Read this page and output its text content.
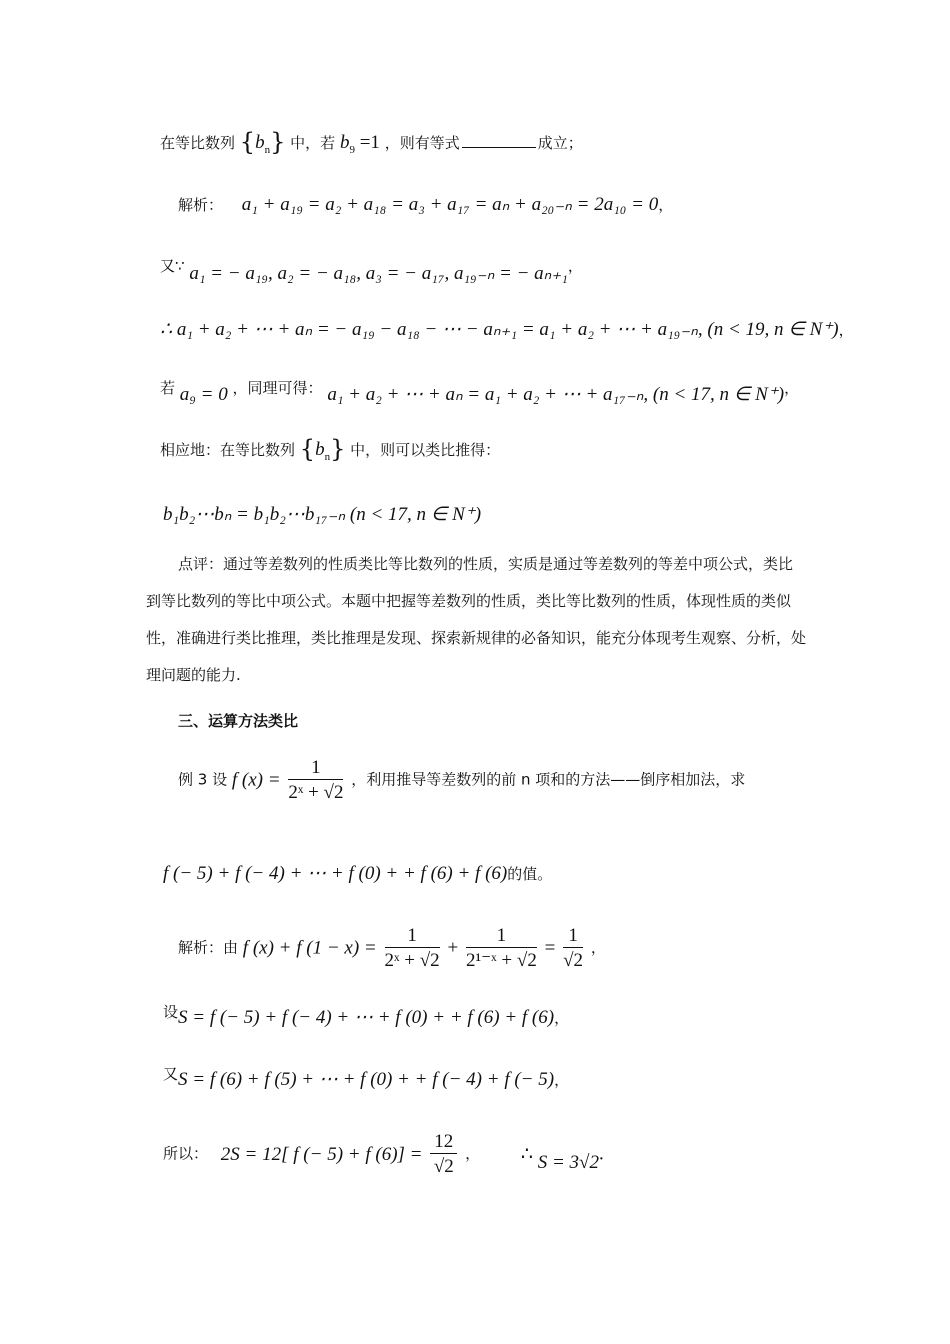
在等比数列 $\{b_n\}$ 中，若 $b_9 =1$ ，则有等式	成立；
解析： a₁ + a₁₉ = a₂ + a₁₈ = a₃ + a₁₇ = aₙ + a₂₀₋ₙ = 2a₁₀ = 0，
又∵ a₁ = − a₁₉, a₂ = − a₁₈, a₃ = − a₁₇, a₁₉₋ₙ = − aₙ₊₁，
∴ a₁ + a₂ + ⋯ + aₙ = − a₁₉ − a₁₈ − ⋯ − aₙ₊₁ = a₁ + a₂ + ⋯ + a₁₉₋ₙ, (n < 19, n ∈ N⁺)，
若 a₉ = 0 ，同理可得： a₁ + a₂ + ⋯ + aₙ = a₁ + a₂ + ⋯ + a₁₇₋ₙ, (n < 17, n ∈ N⁺)，
相应地：在等比数列 $\{b_n\}$ 中，则可以类比推得：
b₁b₂⋯bₙ = b₁b₂⋯b₁₇₋ₙ (n < 17, n ∈ N⁺)
点评：通过等差数列的性质类比等比数列的性质，实质是通过等差数列的等差中项公式，类比到等比数列的等比中项公式。本题中把握等差数列的性质，类比等比数列的性质，体现性质的类似性，准确进行类比推理，类比推理是发现、探索新规律的必备知识，能充分体现考生观察、分析，处理问题的能力.
三、运算方法类比
例 3 设 f $(x) = \frac{1}{\text{2ˣ + √2}}$ ，利用推导等差数列的前 n 项和的方法——倒序相加法，求
f (− 5) + f (− 4) + ⋯ + f (0) + + f (6) + f (6)的值。
解析：由 f (x) + f $(1 - x) = \frac{1}{\text{2ˣ + √2}} + \frac{1}{\text{2¹⁻ˣ + √2}} = \frac{1}{√2}$ ，
设S = f (− 5) + f (− 4) + ⋯ + f (0) + + f (6) + f (6)，
又S = f (6) + f (5) + ⋯ + f (0) + + f (− 4) + f (− 5)，
所以： 2S = 12[ f (− 5) + f $(6)] = \frac{12}{√2}$ ， ∴ S = 3√2.
